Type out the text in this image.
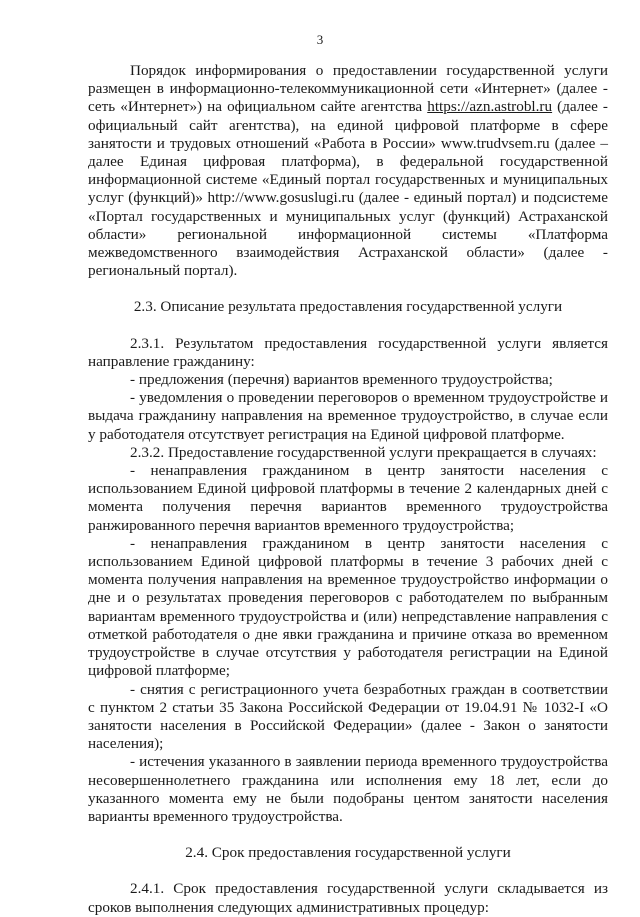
3

Порядок информирования о предоставлении государственной услуги размещен в информационно-телекоммуникационной сети «Интернет» (далее - сеть «Интернет») на официальном сайте агентства https://azn.astrobl.ru (далее - официальный сайт агентства), на единой цифровой платформе в сфере занятости и трудовых отношений «Работа в России» www.trudvsem.ru (далее – далее Единая цифровая платформа), в федеральной государственной информационной системе «Единый портал государственных и муниципальных услуг (функций)» http://www.gosuslugi.ru (далее - единый портал) и подсистеме «Портал государственных и муниципальных услуг (функций) Астраханской области» региональной информационной системы «Платформа межведомственного взаимодействия Астраханской области» (далее - региональный портал).

2.3. Описание результата предоставления государственной услуги

2.3.1. Результатом предоставления государственной услуги является направление гражданину:

- предложения (перечня) вариантов временного трудоустройства;

- уведомления о проведении переговоров о временном трудоустройстве и выдача гражданину направления на временное трудоустройство, в случае если у работодателя отсутствует регистрация на Единой цифровой платформе.

2.3.2. Предоставление государственной услуги прекращается в случаях:

- ненаправления гражданином в центр занятости населения с использованием Единой цифровой платформы в течение 2 календарных дней с момента получения перечня вариантов временного трудоустройства ранжированного перечня вариантов временного трудоустройства;

- ненаправления гражданином в центр занятости населения с использованием Единой цифровой платформы в течение 3 рабочих дней с момента получения направления на временное трудоустройство информации о дне и о результатах проведения переговоров с работодателем по выбранным вариантам временного трудоустройства и (или) непредставление направления с отметкой работодателя о дне явки гражданина и причине отказа во временном трудоустройстве в случае отсутствия у работодателя регистрации на Единой цифровой платформе;

- снятия с регистрационного учета безработных граждан в соответствии с пунктом 2 статьи 35 Закона Российской Федерации от 19.04.91 № 1032-I «О занятости населения в Российской Федерации» (далее - Закон о занятости населения);

- истечения указанного в заявлении периода временного трудоустройства несовершеннолетнего гражданина или исполнения ему 18 лет, если до указанного момента ему не были подобраны центом занятости населения варианты временного трудоустройства.

2.4. Срок предоставления государственной услуги

2.4.1. Срок предоставления государственной услуги складывается из сроков выполнения следующих административных процедур:
